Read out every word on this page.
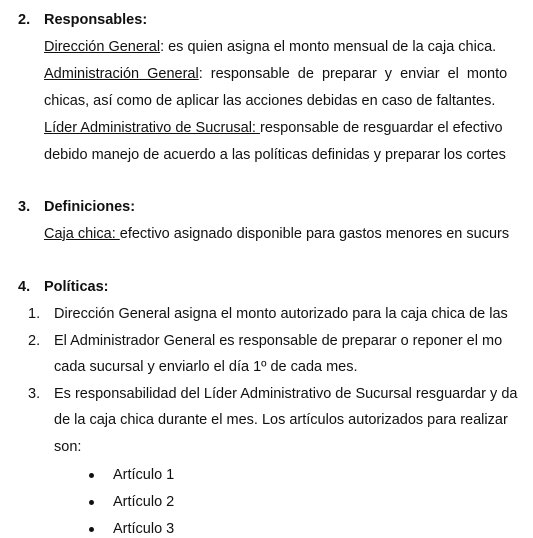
2. Responsables:
Dirección General: es quien asigna el monto mensual de la caja chica.
Administración General: responsable de preparar y enviar el monto
chicas, así como de aplicar las acciones debidas en caso de faltantes.
Líder Administrativo de Sucrusal: responsable de resguardar el efectivo
debido manejo de acuerdo a las políticas definidas y preparar los cortes
3. Definiciones:
Caja chica: efectivo asignado disponible para gastos menores en sucurs
4. Políticas:
1. Dirección General asigna el monto autorizado para la caja chica de las
2. El Administrador General es responsable de preparar o reponer el mo
cada sucursal y enviarlo el día 1º de cada mes.
3. Es responsabilidad del Líder Administrativo de Sucursal resguardar y da
de la caja chica durante el mes. Los artículos autorizados para realizar
son:
Artículo 1
Artículo 2
Artículo 3
